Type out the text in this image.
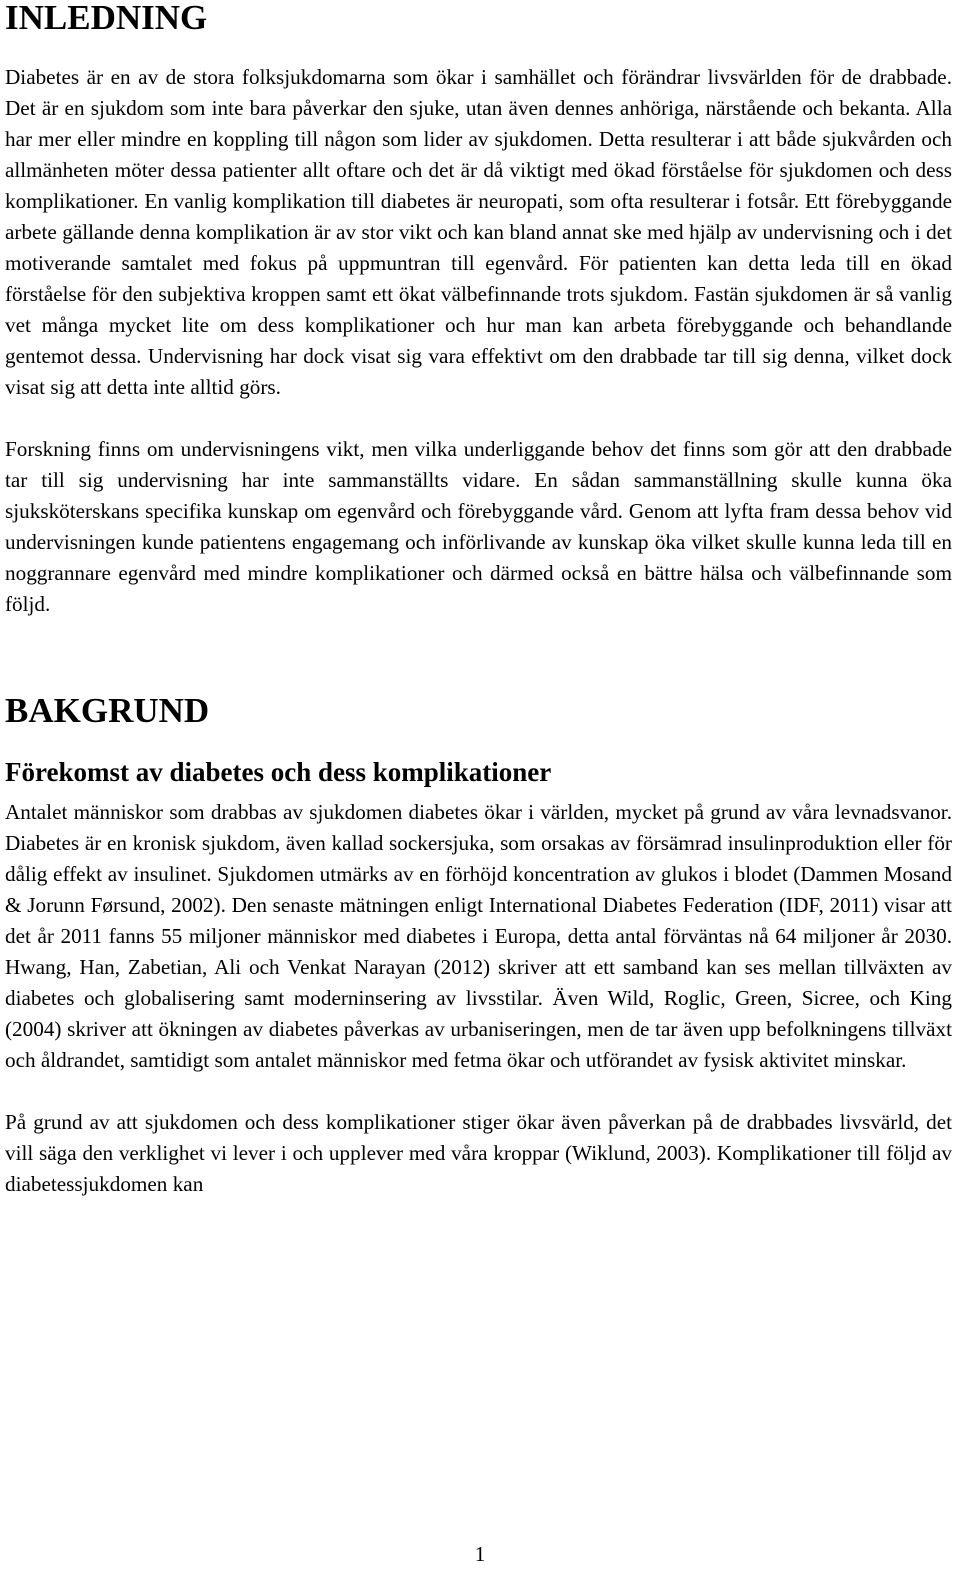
INLEDNING

Diabetes är en av de stora folksjukdomarna som ökar i samhället och förändrar livsvärlden för de drabbade. Det är en sjukdom som inte bara påverkar den sjuke, utan även dennes anhöriga, närstående och bekanta. Alla har mer eller mindre en koppling till någon som lider av sjukdomen. Detta resulterar i att både sjukvården och allmänheten möter dessa patienter allt oftare och det är då viktigt med ökad förståelse för sjukdomen och dess komplikationer. En vanlig komplikation till diabetes är neuropati, som ofta resulterar i fotsår. Ett förebyggande arbete gällande denna komplikation är av stor vikt och kan bland annat ske med hjälp av undervisning och i det motiverande samtalet med fokus på uppmuntran till egenvård. För patienten kan detta leda till en ökad förståelse för den subjektiva kroppen samt ett ökat välbefinnande trots sjukdom. Fastän sjukdomen är så vanlig vet många mycket lite om dess komplikationer och hur man kan arbeta förebyggande och behandlande gentemot dessa. Undervisning har dock visat sig vara effektivt om den drabbade tar till sig denna, vilket dock visat sig att detta inte alltid görs.

Forskning finns om undervisningens vikt, men vilka underliggande behov det finns som gör att den drabbade tar till sig undervisning har inte sammanställts vidare. En sådan sammanställning skulle kunna öka sjuksköterskans specifika kunskap om egenvård och förebyggande vård. Genom att lyfta fram dessa behov vid undervisningen kunde patientens engagemang och införlivande av kunskap öka vilket skulle kunna leda till en noggrannare egenvård med mindre komplikationer och därmed också en bättre hälsa och välbefinnande som följd.

BAKGRUND
Förekomst av diabetes och dess komplikationer

Antalet människor som drabbas av sjukdomen diabetes ökar i världen, mycket på grund av våra levnadsvanor. Diabetes är en kronisk sjukdom, även kallad sockersjuka, som orsakas av försämrad insulinproduktion eller för dålig effekt av insulinet. Sjukdomen utmärks av en förhöjd koncentration av glukos i blodet (Dammen Mosand & Jorunn Førsund, 2002). Den senaste mätningen enligt International Diabetes Federation (IDF, 2011) visar att det år 2011 fanns 55 miljoner människor med diabetes i Europa, detta antal förväntas nå 64 miljoner år 2030. Hwang, Han, Zabetian, Ali och Venkat Narayan (2012) skriver att ett samband kan ses mellan tillväxten av diabetes och globalisering samt moderninsering av livsstilar. Även Wild, Roglic, Green, Sicree, och King (2004) skriver att ökningen av diabetes påverkas av urbaniseringen, men de tar även upp befolkningens tillväxt och åldrandet, samtidigt som antalet människor med fetma ökar och utförandet av fysisk aktivitet minskar.

På grund av att sjukdomen och dess komplikationer stiger ökar även påverkan på de drabbades livsvärld, det vill säga den verklighet vi lever i och upplever med våra kroppar (Wiklund, 2003). Komplikationer till följd av diabetessjukdomen kan

1
